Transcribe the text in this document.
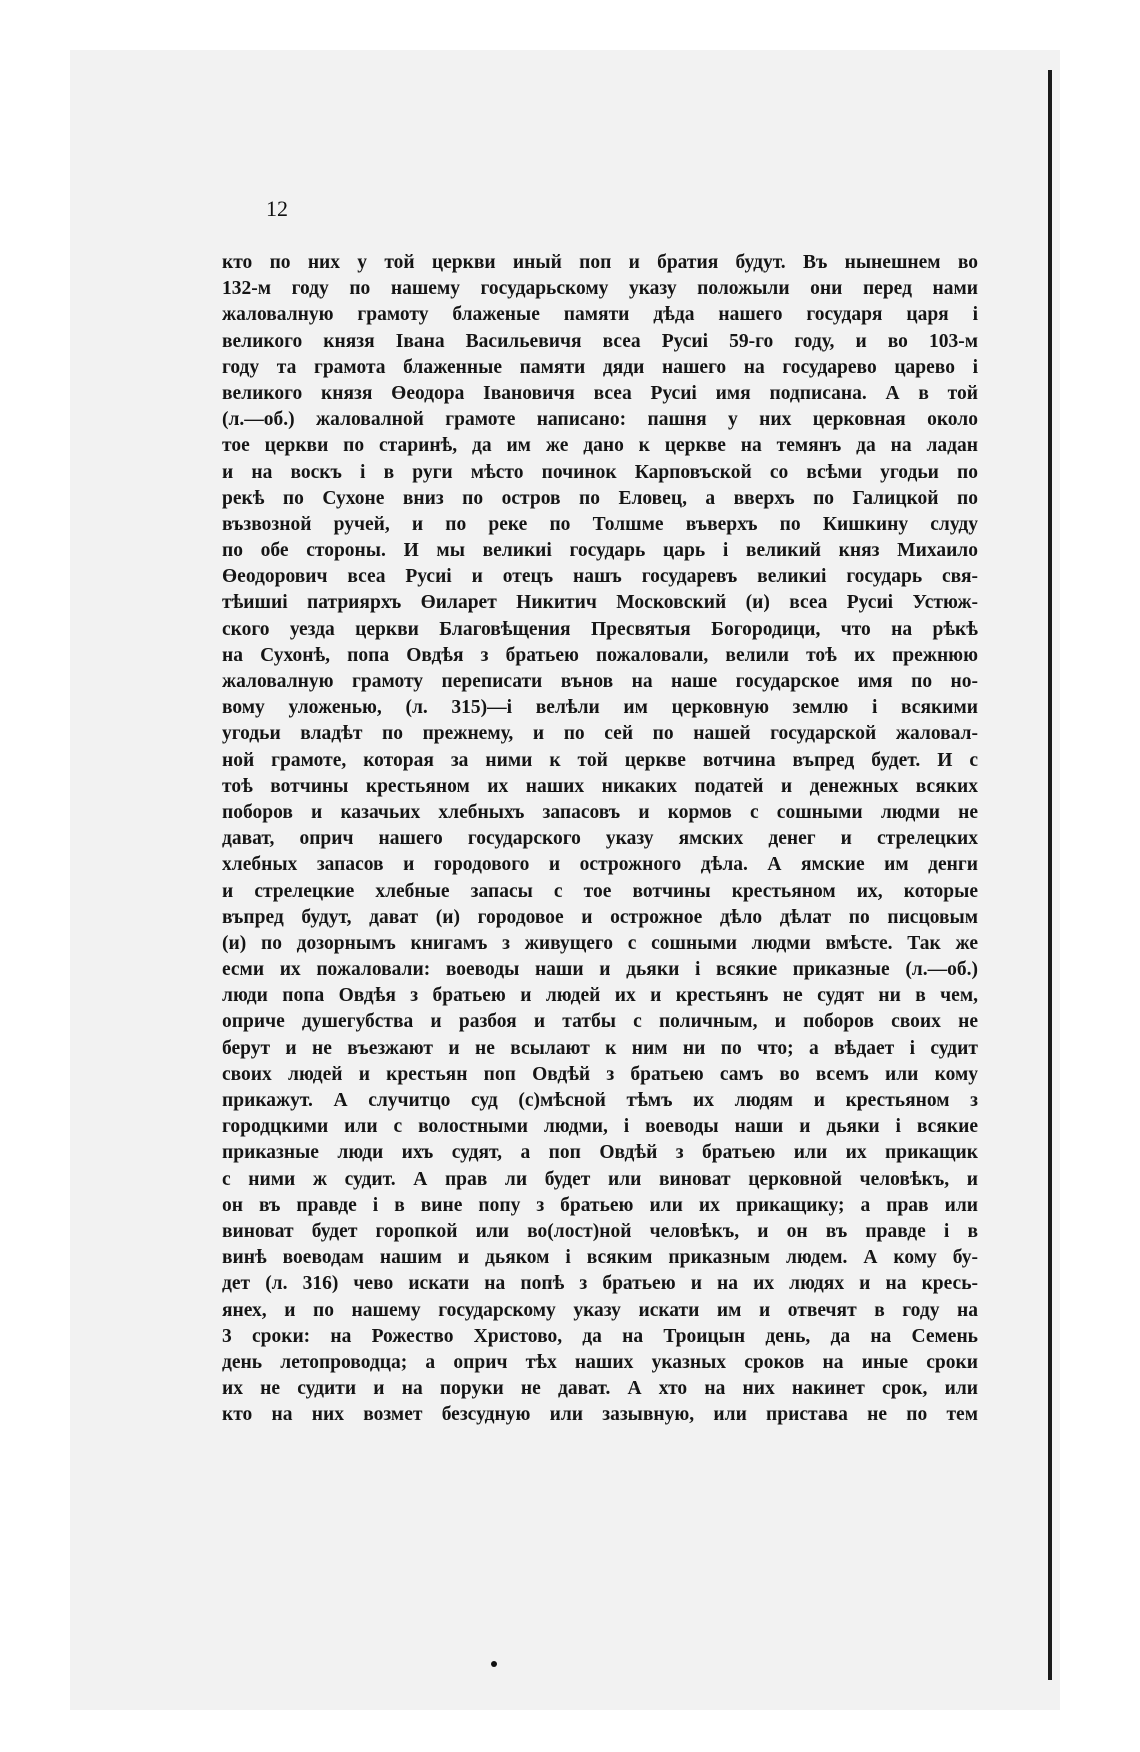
12
кто по них у той церкви иный поп и братия будут. Въ нынешнем во
132-м году по нашему государьскому указу положыли они перед нами
жаловалную грамоту блаженые памяти дѣда нашего государя царя і
великого князя Івана Васильевичя всеа Русиі 59-го году, и во 103-м
году та грамота блаженные памяти дяди нашего на государево царево і
великого князя Өеодора Івановичя всеа Русиі имя подписана. А в той
(л.—об.) жаловалной грамоте написано: пашня у них церковная около
тое церкви по старинѣ, да им же дано к церкве на темянъ да на ладан
и на воскъ і в руги мѣсто починок Карповъской со всѣми угодьи по
рекѣ по Сухоне вниз по остров по Еловец, а вверхъ по Галицкой по
възвозной ручей, и по реке по Толшме въверхъ по Кишкину слуду
по обе стороны. И мы великиі государь царь і великий княз Михаило
Өеодорович всеа Русиі и отецъ нашъ государевъ великиі государь свя-
тѣишиі патриярхъ Өиларет Никитич Московский (и) всеа Русиі Устюж-
ского уезда церкви Благовѣщения Пресвятыя Богородици, что на рѣкѣ
на Сухонѣ, попа Овдѣя з братьею пожаловали, велили тоѣ их прежнюю
жаловалную грамоту переписати вънов на наше государское имя по но-
вому уложенью, (л. 315)—і велѣли им церковную землю і всякими
угодьи владѣт по прежнему, и по сей по нашей государской жаловал-
ной грамоте, которая за ними к той церкве вотчина въпред будет. И с
тоѣ вотчины крестьяном их наших никаких податей и денежных всяких
поборов и казачьих хлебныхъ запасовъ и кормов с сошными людми не
дават, оприч нашего государского указу ямских денег и стрелецких
хлебных запасов и городового и острожного дѣла. А ямские им денги
и стрелецкие хлебные запасы с тое вотчины крестьяном их, которые
въпред будут, дават (и) городовое и острожное дѣло дѣлат по писцовым
(и) по дозорнымъ книгамъ з живущего с сошными людми вмѣсте. Так же
есми их пожаловали: воеводы наши и дьяки і всякие приказные (л.—об.)
люди попа Овдѣя з братьею и людей их и крестьянъ не судят ни в чем,
оприче душегубства и разбоя и татбы с поличным, и поборов своих не
берут и не въезжают и не всылают к ним ни по что; а вѣдает і судит
своих людей и крестьян поп Овдѣй з братьею самъ во всемъ или кому
прикажут. А случитцо суд (с)мѣсной тѣмъ их людям и крестьяном з
городцкими или с волостными людми, і воеводы наши и дьяки і всякие
приказные люди ихъ судят, а поп Овдѣй з братьею или их прикащик
с ними ж судит. А прав ли будет или виноват церковной человѣкъ, и
он въ правде і в вине попу з братьею или их прикащику; а прав или
виноват будет горопкой или во(лост)ной человѣкъ, и он въ правде і в
винѣ воеводам нашим и дьяком і всяким приказным людем. А кому бу-
дет (л. 316) чево искати на попѣ з братьею и на их людях и на кресь-
янех, и по нашему государскому указу искати им и отвечят в году на
3 сроки: на Рожество Христово, да на Троицын день, да на Семень
день летопроводца; а оприч тѣх наших указных сроков на иные сроки
их не судити и на поруки не дават. А хто на них накинет срок, или
кто на них возмет безсудную или зазывную, или пристава не по тем
